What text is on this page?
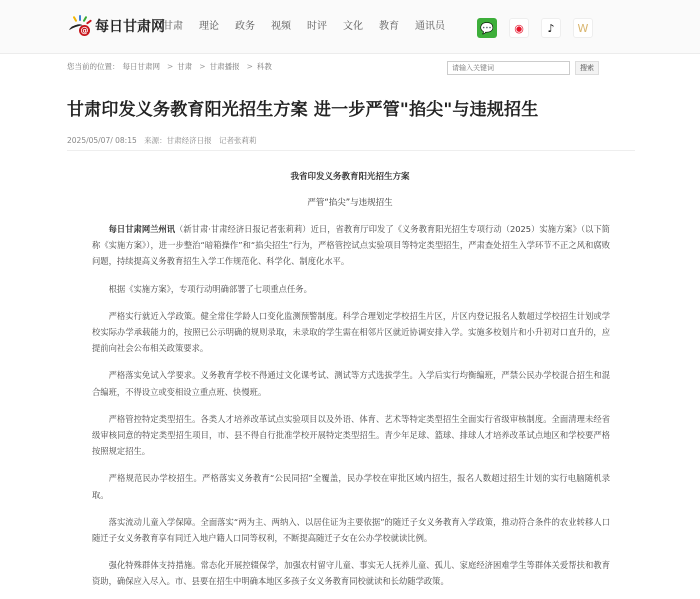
@ 每日甘肃网
甘肃 理论 政务 视频 时评 文化 教育 通讯员	💬	◉	♪	W
您当前的位置： 每日甘肃网 > 甘肃 > 甘肃播报 > 科教
请输入关键词	搜索
甘肃印发义务教育阳光招生方案 进一步严管"掐尖"与违规招生
2025/05/07/ 08:15 来源：甘肃经济日报 记者张莉莉
我省印发义务教育阳光招生方案
严管“掐尖”与违规招生

每日甘肃网兰州讯（新甘肃·甘肃经济日报记者张莉莉）近日，省教育厅印发了《义务教育阳光招生专项行动（2025）实施方案》（以下简称《实施方案》），进一步整治“暗箱操作”和“掐尖招生”行为，严格管控试点实验项目等特定类型招生，严肃查处招生入学环节不正之风和腐败问题，持续提高义务教育招生入学工作规范化、科学化、制度化水平。

根据《实施方案》，专项行动明确部署了七项重点任务。

严格实行就近入学政策。健全常住学龄人口变化监测预警制度。科学合理划定学校招生片区，片区内登记报名人数超过学校招生计划或学校实际办学承载能力的，按照已公示明确的规则录取，未录取的学生需在相邻片区就近协调安排入学。实施多校划片和小升初对口直升的，应提前向社会公布相关政策要求。

严格落实免试入学要求。义务教育学校不得通过文化课考试、测试等方式选拔学生。入学后实行均衡编班，严禁公民办学校混合招生和混合编班，不得设立或变相设立重点班、快慢班。

严格管控特定类型招生。各类人才培养改革试点实验项目以及外语、体育、艺术等特定类型招生全面实行省级审核制度。全面清理未经省级审核同意的特定类型招生项目，市、县不得自行批准学校开展特定类型招生。青少年足球、篮球、排球人才培养改革试点地区和学校要严格按照规定招生。

严格规范民办学校招生。严格落实义务教育“公民同招”全覆盖，民办学校在审批区域内招生，报名人数超过招生计划的实行电脑随机录取。

落实流动儿童入学保障。全面落实“两为主、两纳入、以居住证为主要依据”的随迁子女义务教育入学政策，推动符合条件的农业转移人口随迁子女义务教育享有同迁入地户籍人口同等权利，不断提高随迁子女在公办学校就读比例。

强化特殊群体支持措施。常态化开展控辍保学，加强农村留守儿童、事实无人抚养儿童、孤儿、家庭经济困难学生等群体关爱帮扶和教育资助，确保应入尽入。市、县要在招生中明确本地区多孩子女义务教育同校就读和长幼随学政策。
